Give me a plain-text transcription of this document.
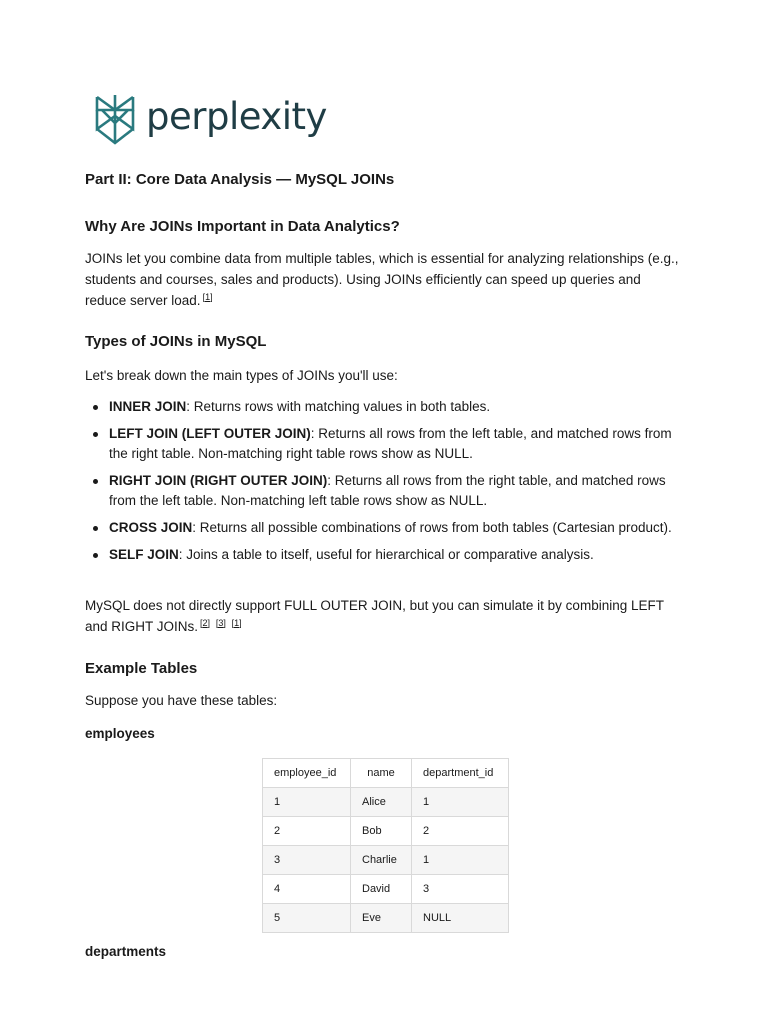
perplexity
Part II: Core Data Analysis — MySQL JOINs
Why Are JOINs Important in Data Analytics?

JOINs let you combine data from multiple tables, which is essential for analyzing relationships (e.g., students and courses, sales and products). Using JOINs efficiently can speed up queries and reduce server load. [1]

Types of JOINs in MySQL

Let's break down the main types of JOINs you'll use:

INNER JOIN: Returns rows with matching values in both tables.
LEFT JOIN (LEFT OUTER JOIN): Returns all rows from the left table, and matched rows from the right table. Non-matching right table rows show as NULL.
RIGHT JOIN (RIGHT OUTER JOIN): Returns all rows from the right table, and matched rows from the left table. Non-matching left table rows show as NULL.
CROSS JOIN: Returns all possible combinations of rows from both tables (Cartesian product).
SELF JOIN: Joins a table to itself, useful for hierarchical or comparative analysis.

MySQL does not directly support FULL OUTER JOIN, but you can simulate it by combining LEFT and RIGHT JOINs. [2] [3] [1]

Example Tables

Suppose you have these tables:

employees

employee_id	name	department_id
1	Alice	1
2	Bob	2
3	Charlie	1
4	David	3
5	Eve	NULL

departments
